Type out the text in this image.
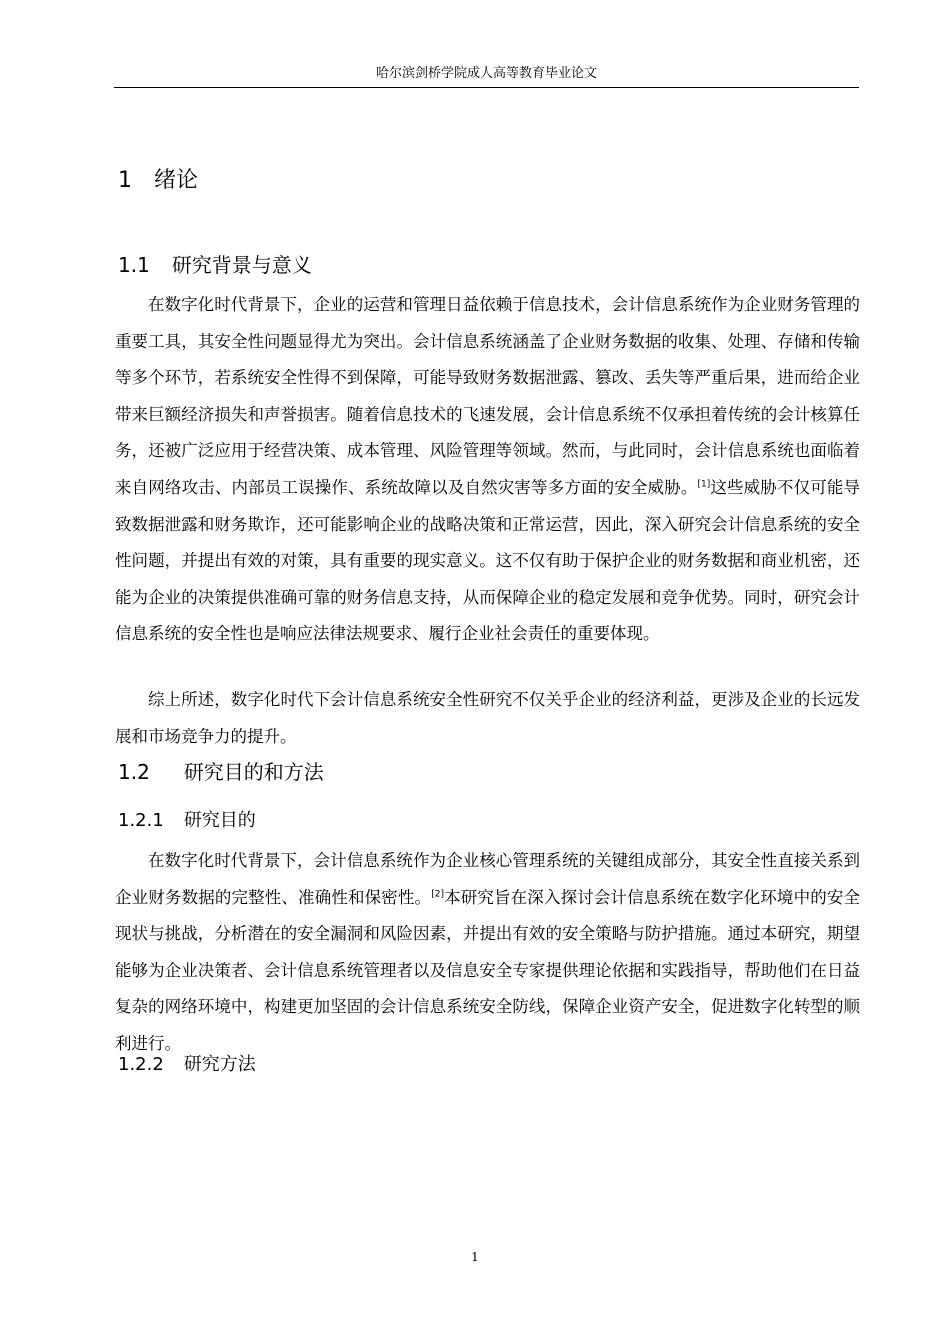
哈尔滨剑桥学院成人高等教育毕业论文
1 绪论
1.1 研究背景与意义

在数字化时代背景下，企业的运营和管理日益依赖于信息技术，会计信息系统作为企业财务管理的重要工具，其安全性问题显得尤为突出。会计信息系统涵盖了企业财务数据的收集、处理、存储和传输等多个环节，若系统安全性得不到保障，可能导致财务数据泄露、篡改、丢失等严重后果，进而给企业带来巨额经济损失和声誉损害。随着信息技术的飞速发展，会计信息系统不仅承担着传统的会计核算任务，还被广泛应用于经营决策、成本管理、风险管理等领域。然而，与此同时，会计信息系统也面临着来自网络攻击、内部员工误操作、系统故障以及自然灾害等多方面的安全威胁。[1]这些威胁不仅可能导致数据泄露和财务欺诈，还可能影响企业的战略决策和正常运营，因此，深入研究会计信息系统的安全性问题，并提出有效的对策，具有重要的现实意义。这不仅有助于保护企业的财务数据和商业机密，还能为企业的决策提供准确可靠的财务信息支持，从而保障企业的稳定发展和竞争优势。同时，研究会计信息系统的安全性也是响应法律法规要求、履行企业社会责任的重要体现。

综上所述，数字化时代下会计信息系统安全性研究不仅关乎企业的经济利益，更涉及企业的长远发展和市场竞争力的提升。

1.2 研究目的和方法
1.2.1 研究目的

在数字化时代背景下，会计信息系统作为企业核心管理系统的关键组成部分，其安全性直接关系到企业财务数据的完整性、准确性和保密性。[2]本研究旨在深入探讨会计信息系统在数字化环境中的安全现状与挑战，分析潜在的安全漏洞和风险因素，并提出有效的安全策略与防护措施。通过本研究，期望能够为企业决策者、会计信息系统管理者以及信息安全专家提供理论依据和实践指导，帮助他们在日益复杂的网络环境中，构建更加坚固的会计信息系统安全防线，保障企业资产安全，促进数字化转型的顺利进行。

1.2.2 研究方法
1
